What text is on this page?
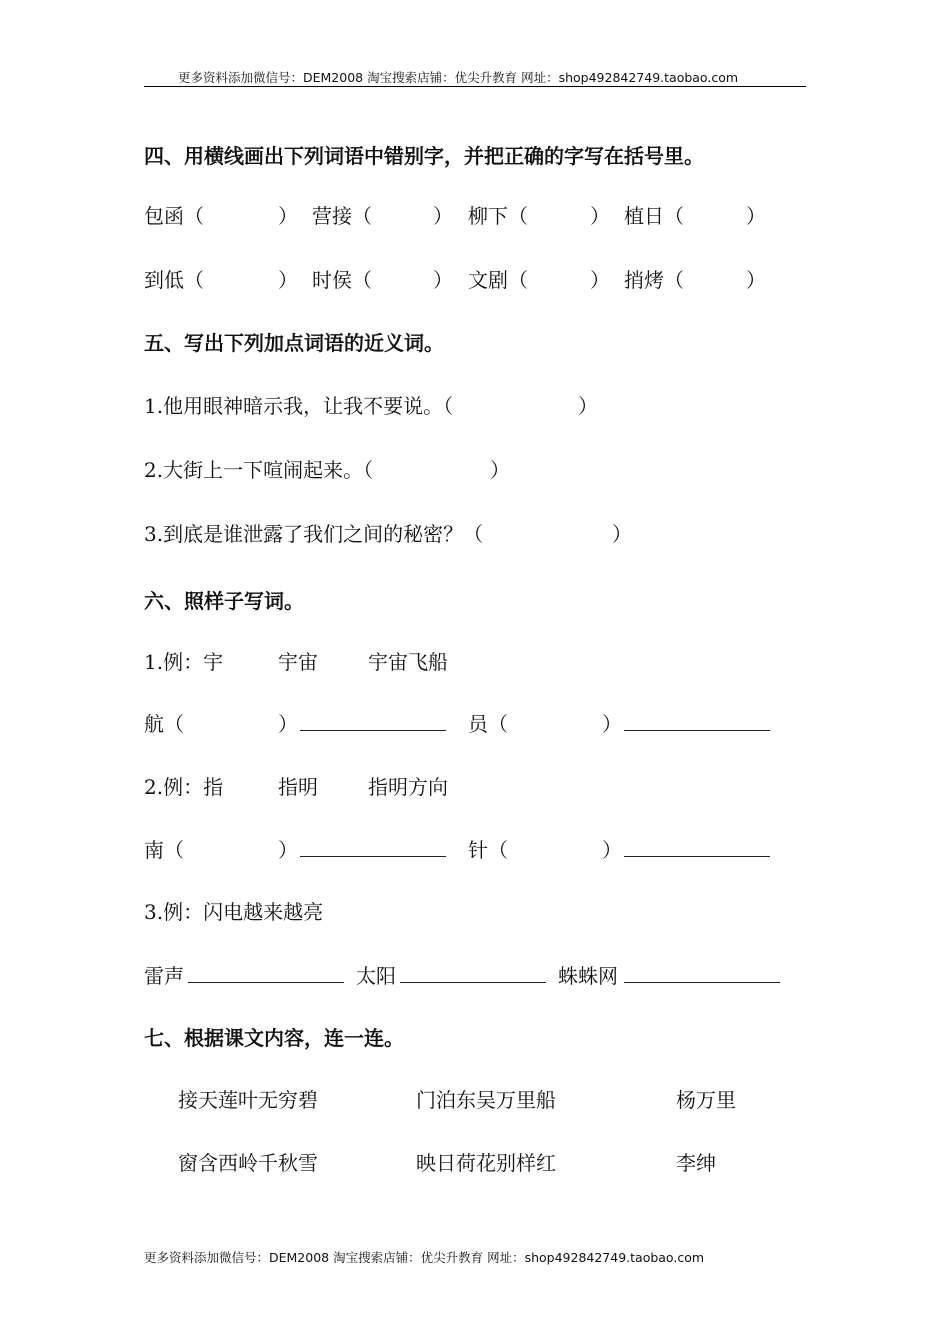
更多资料添加微信号：DEM2008 淘宝搜索店铺：优尖升教育 网址：shop492842749.taobao.com
四、用横线画出下列词语中错别字，并把正确的字写在括号里。
包函（	） 营接（	） 柳下（	） 植日（	）
到低（	） 时侯（	） 文剧（	） 捎烤（	）
五、写出下列加点词语的近义词。
1.他用眼神暗示我，让我不要说。（	）
2.大街上一下喧闹起来。（	）
3.到底是谁泄露了我们之间的秘密？（	）
六、照样子写词。
1.例：宇	宇宙	宇宙飞船
航（	）	员（	）
2.例：指	指明	指明方向
南（	）	针（	）
3.例：闪电越来越亮
雷声	太阳	蛛蛛网
七、根据课文内容，连一连。
接天莲叶无穷碧	门泊东吴万里船	杨万里
窗含西岭千秋雪	映日荷花别样红	李绅
更多资料添加微信号：DEM2008 淘宝搜索店铺：优尖升教育 网址：shop492842749.taobao.com
